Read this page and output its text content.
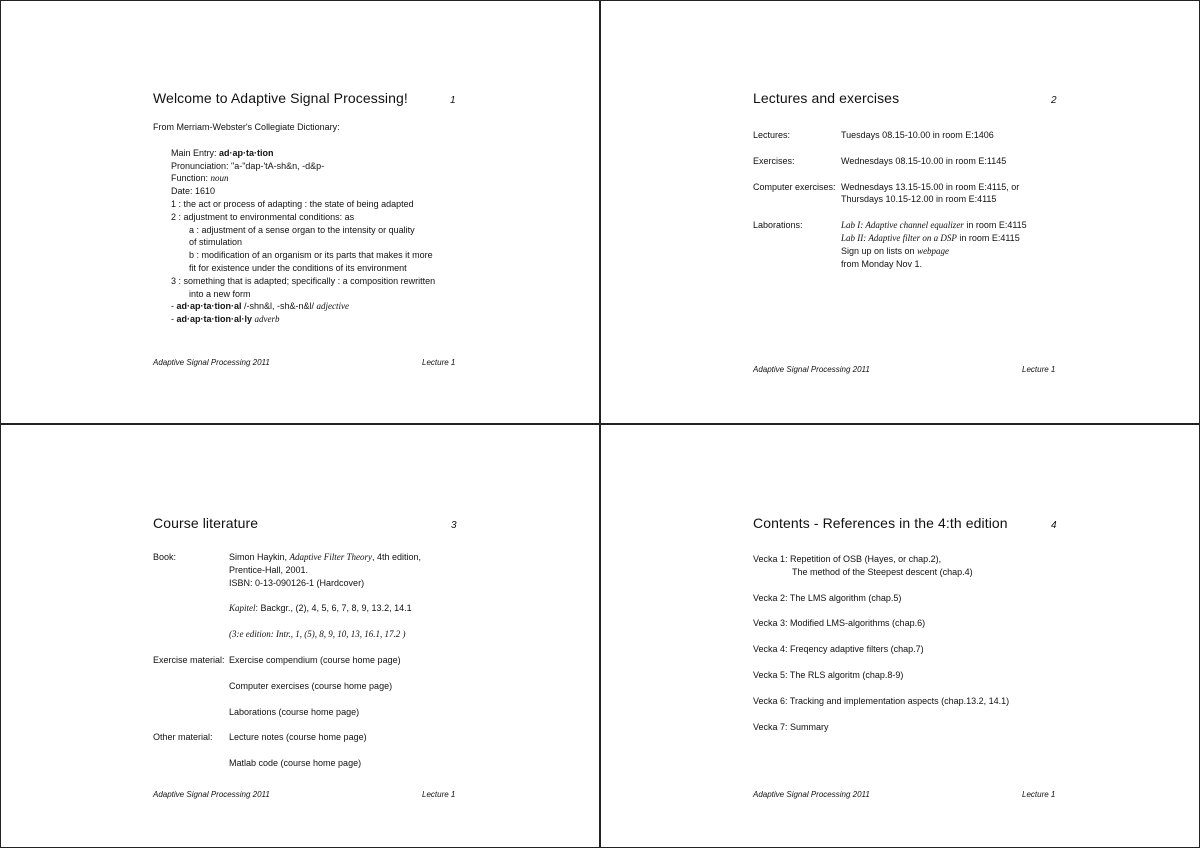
Welcome to Adaptive Signal Processing!	1
From Merriam-Webster's Collegiate Dictionary:
Main Entry: ad·ap·ta·tion
Pronunciation: "a-"dap-'tA-sh&n, -d&p-
Function: noun
Date: 1610
1 : the act or process of adapting : the state of being adapted
2 : adjustment to environmental conditions: as
a : adjustment of a sense organ to the intensity or quality
of stimulation
b : modification of an organism or its parts that makes it more
fit for existence under the conditions of its environment
3 : something that is adapted; specifically : a composition rewritten
into a new form
- ad·ap·ta·tion·al /-shn&l, -sh&-n&l/ adjective
- ad·ap·ta·tion·al·ly adverb
Adaptive Signal Processing 2011	Lecture 1
Lectures and exercises	2
Lectures:	Tuesdays 08.15-10.00 in room E:1406
Exercises:	Wednesdays 08.15-10.00 in room E:1145
Computer exercises: Wednesdays 13.15-15.00 in room E:4115, or
Thursdays 10.15-12.00 in room E:4115
Laborations:	Lab I: Adaptive channel equalizer in room E:4115
Lab II: Adaptive filter on a DSP in room E:4115
Sign up on lists on webpage
from Monday Nov 1.
Adaptive Signal Processing 2011	Lecture 1
Course literature	3
Book:	Simon Haykin, Adaptive Filter Theory, 4th edition,
Prentice-Hall, 2001.
ISBN: 0-13-090126-1 (Hardcover)
Kapitel: Backgr., (2), 4, 5, 6, 7, 8, 9, 13.2, 14.1
(3:e edition: Intr., 1, (5), 8, 9, 10, 13, 16.1, 17.2 )
Exercise material: Exercise compendium (course home page)
Computer exercises (course home page)
Laborations (course home page)
Other material:	Lecture notes (course home page)
Matlab code (course home page)
Adaptive Signal Processing 2011	Lecture 1
Contents - References in the 4:th edition	4
Vecka 1: Repetition of OSB (Hayes, or chap.2),
The method of the Steepest descent (chap.4)
Vecka 2: The LMS algorithm (chap.5)
Vecka 3: Modified LMS-algorithms (chap.6)
Vecka 4: Freqency adaptive filters (chap.7)
Vecka 5: The RLS algoritm (chap.8-9)
Vecka 6: Tracking and implementation aspects (chap.13.2, 14.1)
Vecka 7: Summary
Adaptive Signal Processing 2011	Lecture 1
